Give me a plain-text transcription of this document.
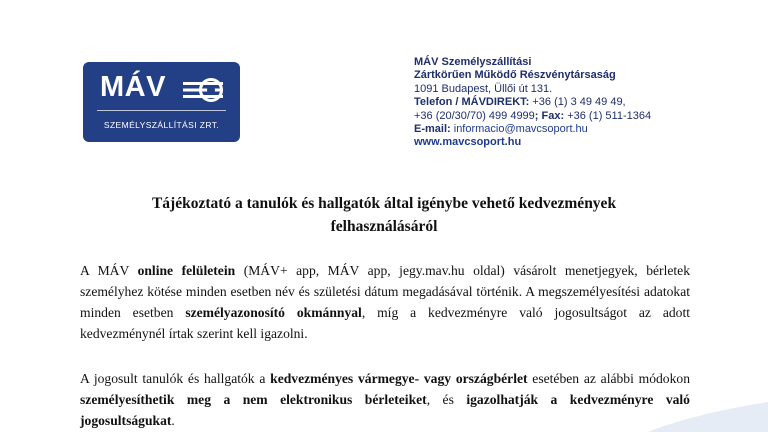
MÁV
SZEMÉLYSZÁLLÍTÁSI ZRT.
MÁV Személyszállítási
Zártkörűen Működő Részvénytársaság
1091 Budapest, Üllői út 131.
Telefon / MÁVDIREKT: +36 (1) 3 49 49 49,
+36 (20/30/70) 499 4999; Fax: +36 (1) 511-1364
E-mail: informacio@mavcsoport.hu
www.mavcsoport.hu
Tájékoztató a tanulók és hallgatók által igénybe vehető kedvezmények
felhasználásáról
A MÁV online felületein (MÁV+ app, MÁV app, jegy.mav.hu oldal) vásárolt menetjegyek, bérletek személyhez kötése minden esetben név és születési dátum megadásával történik. A megszemélyesítési adatokat minden esetben személyazonosító okmánnyal, míg a kedvezményre való jogosultságot az adott kedvezménynél írtak szerint kell igazolni.
A jogosult tanulók és hallgatók a kedvezményes vármegye- vagy országbérlet esetében az alábbi módokon személyesíthetik meg a nem elektronikus bérleteiket, és igazolhatják a kedvezményre való jogosultságukat.
